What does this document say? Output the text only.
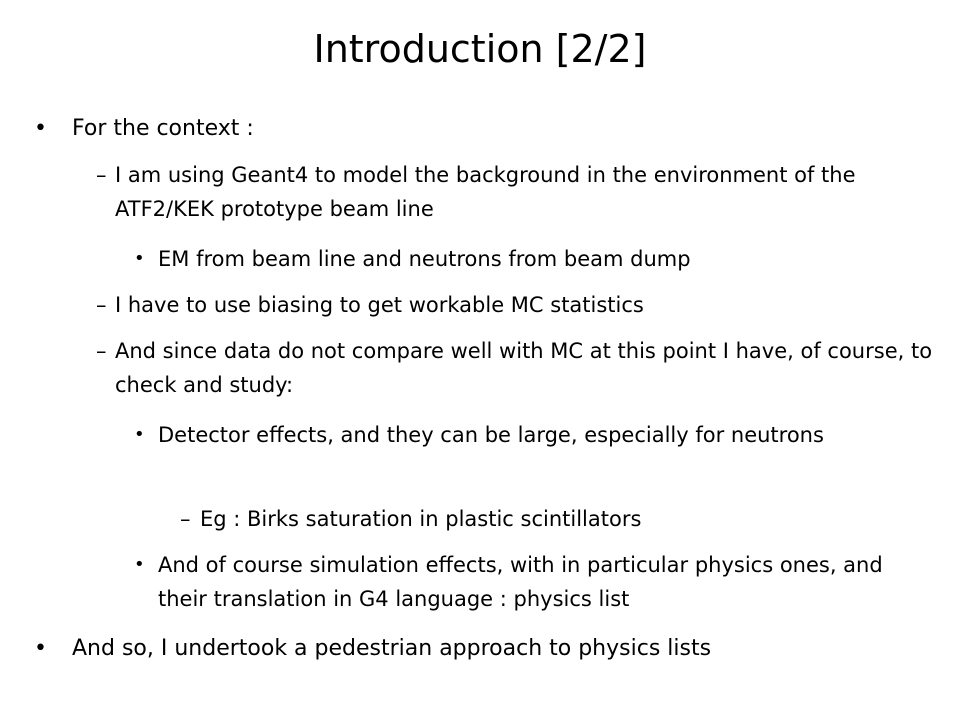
Introduction [2/2]
• For the context :
– I am using Geant4 to model the background in the environment of the ATF2/KEK prototype beam line
• EM from beam line and neutrons from beam dump
– I have to use biasing to get workable MC statistics
– And since data do not compare well with MC at this point I have, of course, to check and study:
• Detector effects, and they can be large, especially for neutrons
– Eg : Birks saturation in plastic scintillators
• And of course simulation effects, with in particular physics ones, and their translation in G4 language : physics list
• And so, I undertook a pedestrian approach to physics lists
